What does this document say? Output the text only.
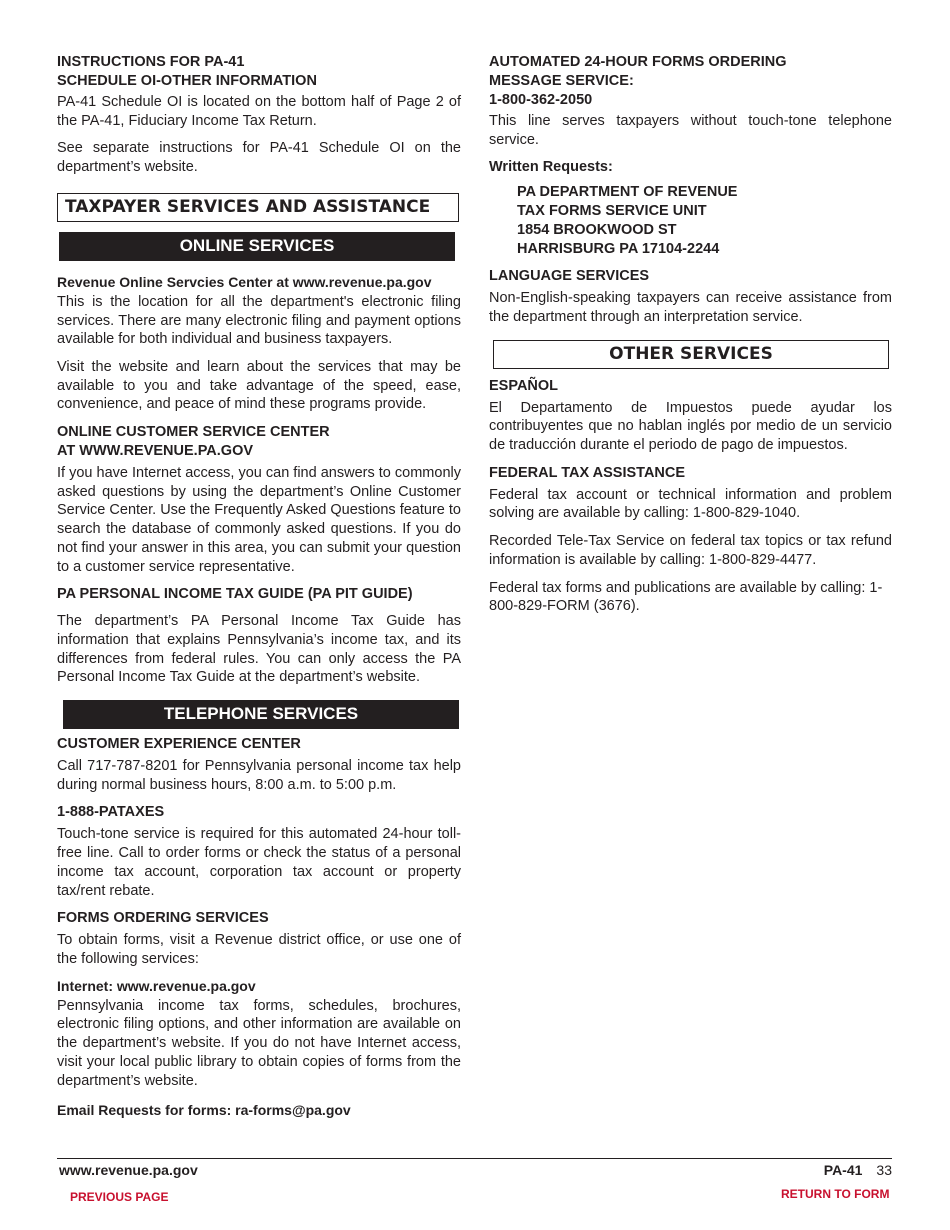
INSTRUCTIONS FOR PA-41
SCHEDULE OI-OTHER INFORMATION

PA-41 Schedule OI is located on the bottom half of Page 2 of the PA-41, Fiduciary Income Tax Return.

See separate instructions for PA-41 Schedule OI on the department’s website.

TAXPAYER SERVICES AND ASSISTANCE
ONLINE SERVICES
Revenue Online Servcies Center at www.revenue.pa.gov

This is the location for all the department's electronic filing services. There are many electronic filing and payment options available for both individual and business taxpayers.

Visit the website and learn about the services that may be available to you and take advantage of the speed, ease, convenience, and peace of mind these programs provide.

ONLINE CUSTOMER SERVICE CENTER
AT WWW.REVENUE.PA.GOV

If you have Internet access, you can find answers to commonly asked questions by using the department’s Online Customer Service Center. Use the Frequently Asked Questions feature to search the database of commonly asked questions. If you do not find your answer in this area, you can submit your question to a customer service representative.

PA PERSONAL INCOME TAX GUIDE (PA PIT GUIDE)

The department’s PA Personal Income Tax Guide has information that explains Pennsylvania’s income tax, and its differences from federal rules. You can only access the PA Personal Income Tax Guide at the department’s website.

TELEPHONE SERVICES
CUSTOMER EXPERIENCE CENTER

Call 717-787-8201 for Pennsylvania personal income tax help during normal business hours, 8:00 a.m. to 5:00 p.m.

1-888-PATAXES

Touch-tone service is required for this automated 24-hour toll-free line. Call to order forms or check the status of a personal income tax account, corporation tax account or property tax/rent rebate.

FORMS ORDERING SERVICES

To obtain forms, visit a Revenue district office, or use one of the following services:

Internet: www.revenue.pa.gov

Pennsylvania income tax forms, schedules, brochures, electronic filing options, and other information are available on the department’s website. If you do not have Internet access, visit your local public library to obtain copies of forms from the department’s website.

Email Requests for forms: ra-forms@pa.gov
AUTOMATED 24-HOUR FORMS ORDERING
MESSAGE SERVICE:
1-800-362-2050

This line serves taxpayers without touch-tone telephone service.

Written Requests:
PA DEPARTMENT OF REVENUE
TAX FORMS SERVICE UNIT
1854 BROOKWOOD ST
HARRISBURG PA 17104-2244
LANGUAGE SERVICES

Non-English-speaking taxpayers can receive assistance from the department through an interpretation service.

OTHER SERVICES
ESPAÑOL

El Departamento de Impuestos puede ayudar los contribuyentes que no hablan inglés por medio de un servicio de traducción durante el periodo de pago de impuestos.

FEDERAL TAX ASSISTANCE

Federal tax account or technical information and problem solving are available by calling: 1-800-829-1040.

Recorded Tele-Tax Service on federal tax topics or tax refund information is available by calling: 1-800-829-4477.

Federal tax forms and publications are available by calling: 1-800-829-FORM (3676).

www.revenue.pa.gov	PA-41 33
PREVIOUS PAGE	RETURN TO FORM
